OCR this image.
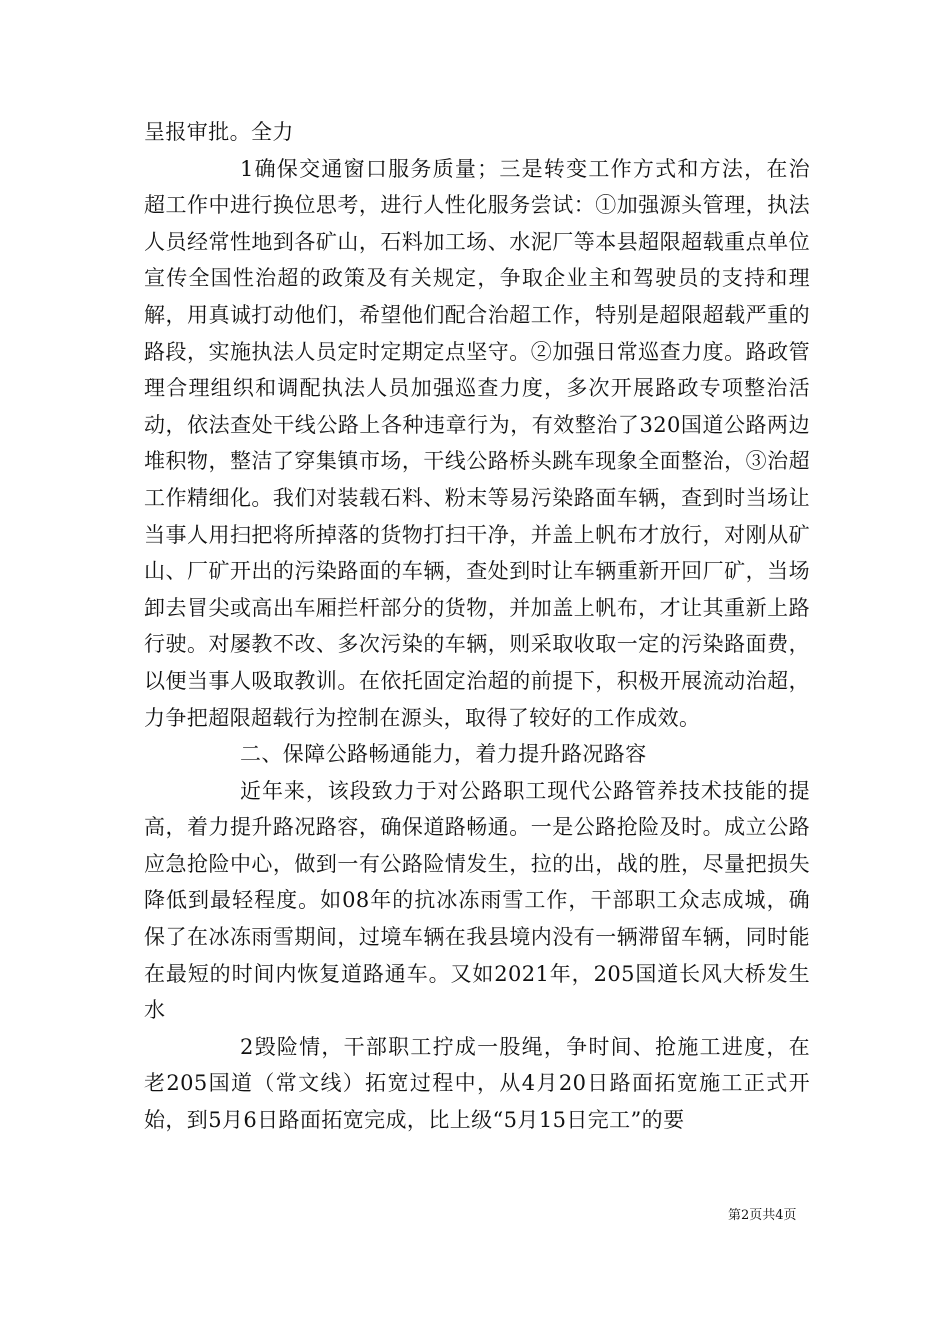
呈报审批。全力

1确保交通窗口服务质量；三是转变工作方式和方法，在治超工作中进行换位思考，进行人性化服务尝试：①加强源头管理，执法人员经常性地到各矿山，石料加工场、水泥厂等本县超限超载重点单位宣传全国性治超的政策及有关规定，争取企业主和驾驶员的支持和理解，用真诚打动他们，希望他们配合治超工作，特别是超限超载严重的路段，实施执法人员定时定期定点坚守。②加强日常巡查力度。路政管理合理组织和调配执法人员加强巡查力度，多次开展路政专项整治活动，依法查处干线公路上各种违章行为，有效整治了320国道公路两边堆积物，整洁了穿集镇市场，干线公路桥头跳车现象全面整治，③治超工作精细化。我们对装载石料、粉末等易污染路面车辆，查到时当场让当事人用扫把将所掉落的货物打扫干净，并盖上帆布才放行，对刚从矿山、厂矿开出的污染路面的车辆，查处到时让车辆重新开回厂矿，当场卸去冒尖或高出车厢拦杆部分的货物，并加盖上帆布，才让其重新上路行驶。对屡教不改、多次污染的车辆，则采取收取一定的污染路面费，以便当事人吸取教训。在依托固定治超的前提下，积极开展流动治超，力争把超限超载行为控制在源头，取得了较好的工作成效。

二、保障公路畅通能力，着力提升路况路容

近年来，该段致力于对公路职工现代公路管养技术技能的提高，着力提升路况路容，确保道路畅通。一是公路抢险及时。成立公路应急抢险中心，做到一有公路险情发生，拉的出，战的胜，尽量把损失降低到最轻程度。如08年的抗冰冻雨雪工作，干部职工众志成城，确保了在冰冻雨雪期间，过境车辆在我县境内没有一辆滞留车辆，同时能在最短的时间内恢复道路通车。又如2021年，205国道长风大桥发生水

2毁险情，干部职工拧成一股绳，争时间、抢施工进度，在老205国道（常文线）拓宽过程中，从4月20日路面拓宽施工正式开始，到5月6日路面拓宽完成，比上级“5月15日完工”的要

第2页共4页
